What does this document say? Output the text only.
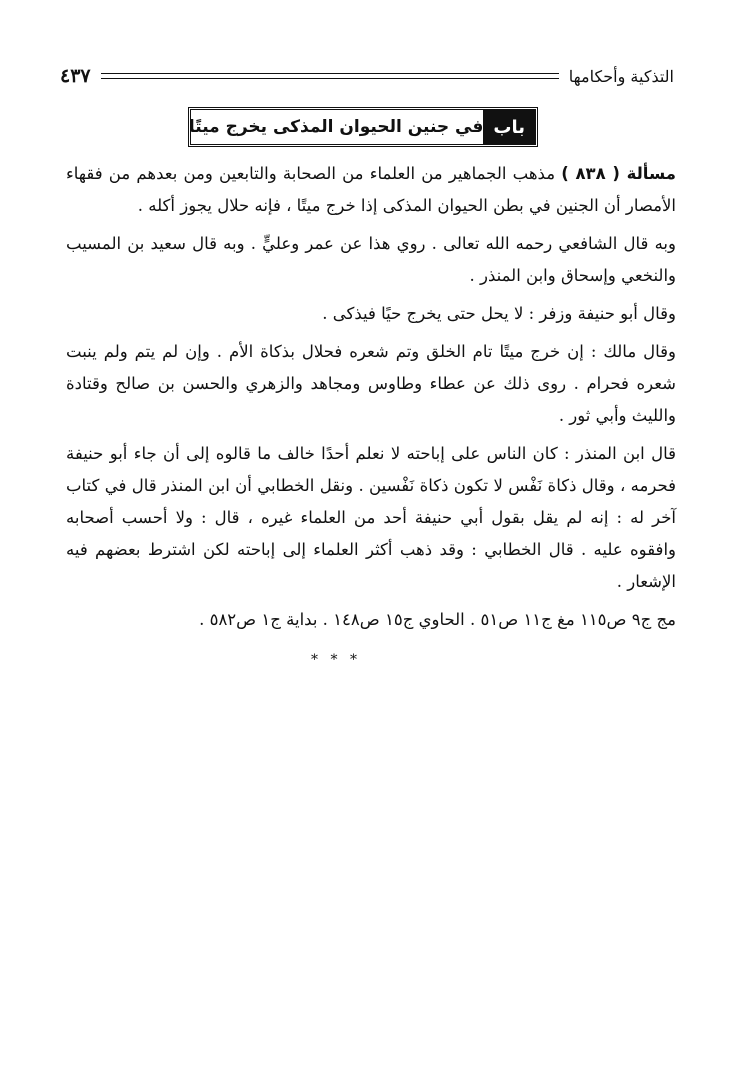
التذكية وأحكامها
٤٣٧
باب
في جنين الحيوان المذكى يخرج ميتًا

مسألة ( ٨٣٨ ) مذهب الجماهير من العلماء من الصحابة والتابعين ومن بعدهم من فقهاء الأمصار أن الجنين في بطن الحيوان المذكى إذا خرج ميتًا ، فإنه حلال يجوز أكله .

وبه قال الشافعي رحمه الله تعالى . روي هذا عن عمر وعليٍّ . وبه قال سعيد بن المسيب والنخعي وإسحاق وابن المنذر .

وقال أبو حنيفة وزفر : لا يحل حتى يخرج حيًا فيذكى .

وقال مالك : إن خرج ميتًا تام الخلق وتم شعره فحلال بذكاة الأم . وإن لم يتم ولم ينبت شعره فحرام . روى ذلك عن عطاء وطاوس ومجاهد والزهري والحسن بن صالح وقتادة والليث وأبي ثور .

قال ابن المنذر : كان الناس على إباحته لا نعلم أحدًا خالف ما قالوه إلى أن جاء أبو حنيفة فحرمه ، وقال ذكاة نَفْس لا تكون ذكاة نَفْسين . ونقل الخطابي أن ابن المنذر قال في كتاب آخر له : إنه لم يقل بقول أبي حنيفة أحد من العلماء غيره ، قال : ولا أحسب أصحابه وافقوه عليه . قال الخطابي : وقد ذهب أكثر العلماء إلى إباحته لكن اشترط بعضهم فيه الإشعار .

مج ج٩ ص١١٥ مغ ج١١ ص٥١ . الحاوي ج١٥ ص١٤٨ . بداية ج١ ص٥٨٢ .

* * *
